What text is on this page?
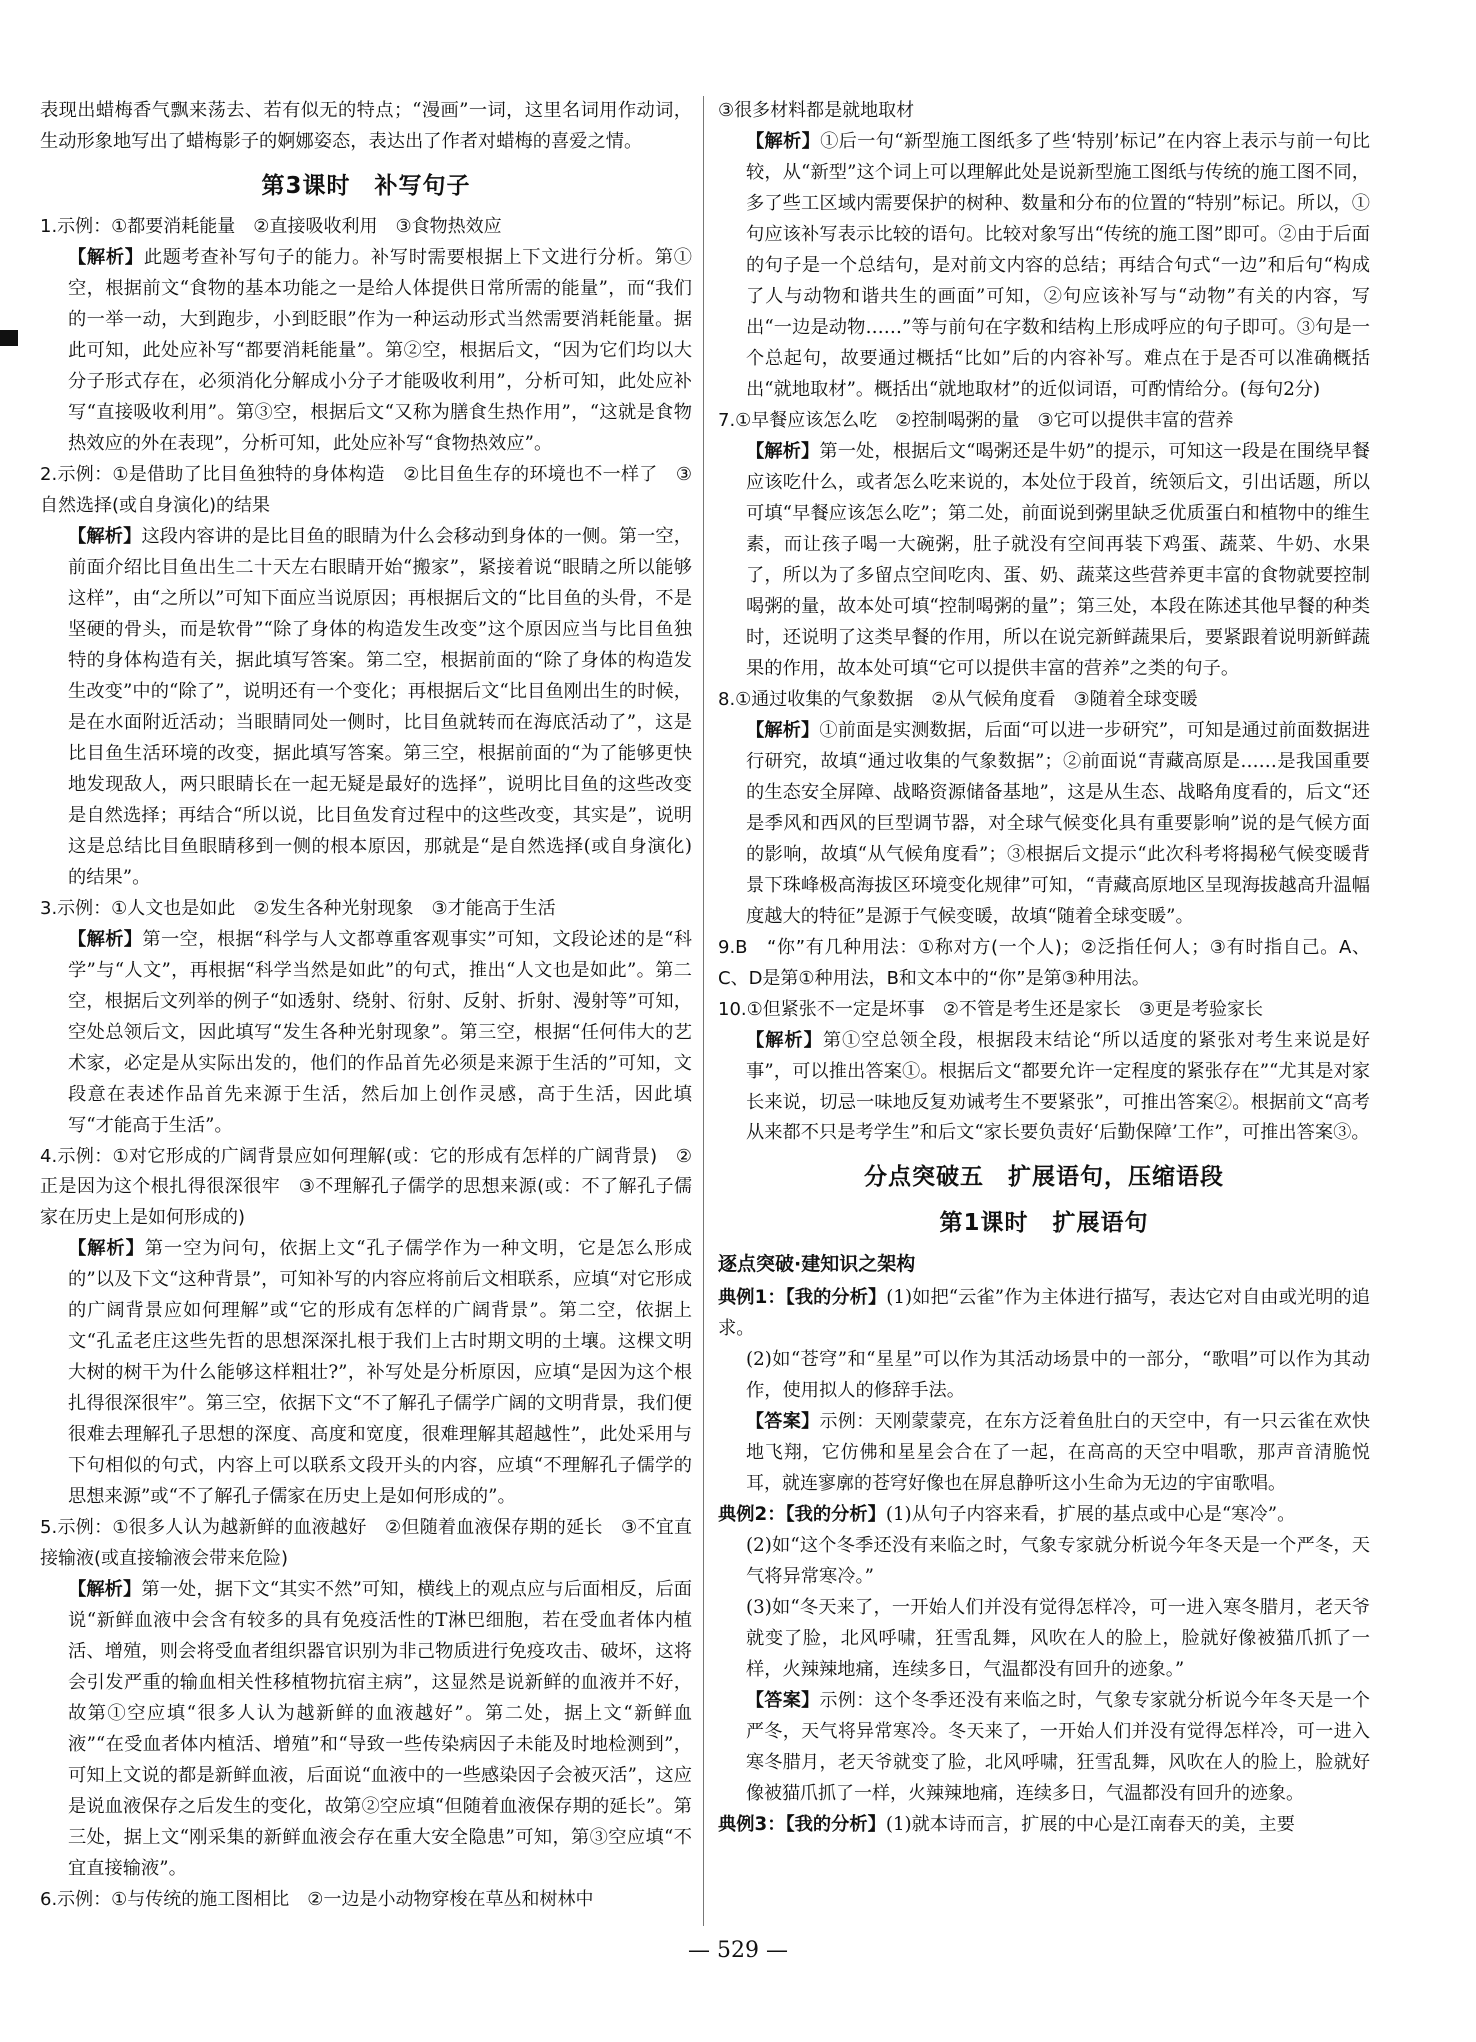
表现出蜡梅香气飘来荡去、若有似无的特点；“漫画”一词，这里名词用作动词，生动形象地写出了蜡梅影子的婀娜姿态，表达出了作者对蜡梅的喜爱之情。

第3课时　补写句子

1.示例：①都要消耗能量　②直接吸收利用　③食物热效应

【解析】此题考查补写句子的能力。补写时需要根据上下文进行分析。第①空，根据前文“食物的基本功能之一是给人体提供日常所需的能量”，而“我们的一举一动，大到跑步，小到眨眼”作为一种运动形式当然需要消耗能量。据此可知，此处应补写“都要消耗能量”。第②空，根据后文，“因为它们均以大分子形式存在，必须消化分解成小分子才能吸收利用”，分析可知，此处应补写“直接吸收利用”。第③空，根据后文“又称为膳食生热作用”，“这就是食物热效应的外在表现”，分析可知，此处应补写“食物热效应”。

2.示例：①是借助了比目鱼独特的身体构造　②比目鱼生存的环境也不一样了　③自然选择(或自身演化)的结果

【解析】这段内容讲的是比目鱼的眼睛为什么会移动到身体的一侧。第一空，前面介绍比目鱼出生二十天左右眼睛开始“搬家”，紧接着说“眼睛之所以能够这样”，由“之所以”可知下面应当说原因；再根据后文的“比目鱼的头骨，不是坚硬的骨头，而是软骨”“除了身体的构造发生改变”这个原因应当与比目鱼独特的身体构造有关，据此填写答案。第二空，根据前面的“除了身体的构造发生改变”中的“除了”，说明还有一个变化；再根据后文“比目鱼刚出生的时候，是在水面附近活动；当眼睛同处一侧时，比目鱼就转而在海底活动了”，这是比目鱼生活环境的改变，据此填写答案。第三空，根据前面的“为了能够更快地发现敌人，两只眼睛长在一起无疑是最好的选择”，说明比目鱼的这些改变是自然选择；再结合“所以说，比目鱼发育过程中的这些改变，其实是”，说明这是总结比目鱼眼睛移到一侧的根本原因，那就是“是自然选择(或自身演化)的结果”。

3.示例：①人文也是如此　②发生各种光射现象　③才能高于生活

【解析】第一空，根据“科学与人文都尊重客观事实”可知，文段论述的是“科学”与“人文”，再根据“科学当然是如此”的句式，推出“人文也是如此”。第二空，根据后文列举的例子“如透射、绕射、衍射、反射、折射、漫射等”可知，空处总领后文，因此填写“发生各种光射现象”。第三空，根据“任何伟大的艺术家，必定是从实际出发的，他们的作品首先必须是来源于生活的”可知，文段意在表述作品首先来源于生活，然后加上创作灵感，高于生活，因此填写“才能高于生活”。

4.示例：①对它形成的广阔背景应如何理解(或：它的形成有怎样的广阔背景)　②正是因为这个根扎得很深很牢　③不理解孔子儒学的思想来源(或：不了解孔子儒家在历史上是如何形成的)

【解析】第一空为问句，依据上文“孔子儒学作为一种文明，它是怎么形成的”以及下文“这种背景”，可知补写的内容应将前后文相联系，应填“对它形成的广阔背景应如何理解”或“它的形成有怎样的广阔背景”。第二空，依据上文“孔孟老庄这些先哲的思想深深扎根于我们上古时期文明的土壤。这棵文明大树的树干为什么能够这样粗壮?”，补写处是分析原因，应填“是因为这个根扎得很深很牢”。第三空，依据下文“不了解孔子儒学广阔的文明背景，我们便很难去理解孔子思想的深度、高度和宽度，很难理解其超越性”，此处采用与下句相似的句式，内容上可以联系文段开头的内容，应填“不理解孔子儒学的思想来源”或“不了解孔子儒家在历史上是如何形成的”。

5.示例：①很多人认为越新鲜的血液越好　②但随着血液保存期的延长　③不宜直接输液(或直接输液会带来危险)

【解析】第一处，据下文“其实不然”可知，横线上的观点应与后面相反，后面说“新鲜血液中会含有较多的具有免疫活性的T淋巴细胞，若在受血者体内植活、增殖，则会将受血者组织器官识别为非己物质进行免疫攻击、破坏，这将会引发严重的输血相关性移植物抗宿主病”，这显然是说新鲜的血液并不好，故第①空应填“很多人认为越新鲜的血液越好”。第二处，据上文“新鲜血液”“在受血者体内植活、增殖”和“导致一些传染病因子未能及时地检测到”，可知上文说的都是新鲜血液，后面说“血液中的一些感染因子会被灭活”，这应是说血液保存之后发生的变化，故第②空应填“但随着血液保存期的延长”。第三处，据上文“刚采集的新鲜血液会存在重大安全隐患”可知，第③空应填“不宜直接输液”。

6.示例：①与传统的施工图相比　②一边是小动物穿梭在草丛和树林中

③很多材料都是就地取材

【解析】①后一句“新型施工图纸多了些‘特别’标记”在内容上表示与前一句比较，从“新型”这个词上可以理解此处是说新型施工图纸与传统的施工图不同，多了些工区域内需要保护的树种、数量和分布的位置的“特别”标记。所以，①句应该补写表示比较的语句。比较对象写出“传统的施工图”即可。②由于后面的句子是一个总结句，是对前文内容的总结；再结合句式“一边”和后句“构成了人与动物和谐共生的画面”可知，②句应该补写与“动物”有关的内容，写出“一边是动物……”等与前句在字数和结构上形成呼应的句子即可。③句是一个总起句，故要通过概括“比如”后的内容补写。难点在于是否可以准确概括出“就地取材”。概括出“就地取材”的近似词语，可酌情给分。(每句2分)

7.①早餐应该怎么吃　②控制喝粥的量　③它可以提供丰富的营养

【解析】第一处，根据后文“喝粥还是牛奶”的提示，可知这一段是在围绕早餐应该吃什么，或者怎么吃来说的，本处位于段首，统领后文，引出话题，所以可填“早餐应该怎么吃”；第二处，前面说到粥里缺乏优质蛋白和植物中的维生素，而让孩子喝一大碗粥，肚子就没有空间再装下鸡蛋、蔬菜、牛奶、水果了，所以为了多留点空间吃肉、蛋、奶、蔬菜这些营养更丰富的食物就要控制喝粥的量，故本处可填“控制喝粥的量”；第三处，本段在陈述其他早餐的种类时，还说明了这类早餐的作用，所以在说完新鲜蔬果后，要紧跟着说明新鲜蔬果的作用，故本处可填“它可以提供丰富的营养”之类的句子。

8.①通过收集的气象数据　②从气候角度看　③随着全球变暖

【解析】①前面是实测数据，后面“可以进一步研究”，可知是通过前面数据进行研究，故填“通过收集的气象数据”；②前面说“青藏高原是……是我国重要的生态安全屏障、战略资源储备基地”，这是从生态、战略角度看的，后文“还是季风和西风的巨型调节器，对全球气候变化具有重要影响”说的是气候方面的影响，故填“从气候角度看”；③根据后文提示“此次科考将揭秘气候变暖背景下珠峰极高海拔区环境变化规律”可知，“青藏高原地区呈现海拔越高升温幅度越大的特征”是源于气候变暖，故填“随着全球变暖”。

9.B　“你”有几种用法：①称对方(一个人)；②泛指任何人；③有时指自己。A、C、D是第①种用法，B和文本中的“你”是第③种用法。

10.①但紧张不一定是坏事　②不管是考生还是家长　③更是考验家长

【解析】第①空总领全段，根据段末结论“所以适度的紧张对考生来说是好事”，可以推出答案①。根据后文“都要允许一定程度的紧张存在”“尤其是对家长来说，切忌一味地反复劝诫考生不要紧张”，可推出答案②。根据前文“高考从来都不只是考学生”和后文“家长要负责好‘后勤保障’工作”，可推出答案③。

分点突破五　扩展语句，压缩语段
第1课时　扩展语句
逐点突破·建知识之架构

典例1：【我的分析】(1)如把“云雀”作为主体进行描写，表达它对自由或光明的追求。

(2)如“苍穹”和“星星”可以作为其活动场景中的一部分，“歌唱”可以作为其动作，使用拟人的修辞手法。

【答案】示例：天刚蒙蒙亮，在东方泛着鱼肚白的天空中，有一只云雀在欢快地飞翔，它仿佛和星星会合在了一起，在高高的天空中唱歌，那声音清脆悦耳，就连寥廓的苍穹好像也在屏息静听这小生命为无边的宇宙歌唱。

典例2：【我的分析】(1)从句子内容来看，扩展的基点或中心是“寒冷”。

(2)如“这个冬季还没有来临之时，气象专家就分析说今年冬天是一个严冬，天气将异常寒冷。”

(3)如“冬天来了，一开始人们并没有觉得怎样冷，可一进入寒冬腊月，老天爷就变了脸，北风呼啸，狂雪乱舞，风吹在人的脸上，脸就好像被猫爪抓了一样，火辣辣地痛，连续多日，气温都没有回升的迹象。”

【答案】示例：这个冬季还没有来临之时，气象专家就分析说今年冬天是一个严冬，天气将异常寒冷。冬天来了，一开始人们并没有觉得怎样冷，可一进入寒冬腊月，老天爷就变了脸，北风呼啸，狂雪乱舞，风吹在人的脸上，脸就好像被猫爪抓了一样，火辣辣地痛，连续多日，气温都没有回升的迹象。

典例3：【我的分析】(1)就本诗而言，扩展的中心是江南春天的美，主要

— 529 —
